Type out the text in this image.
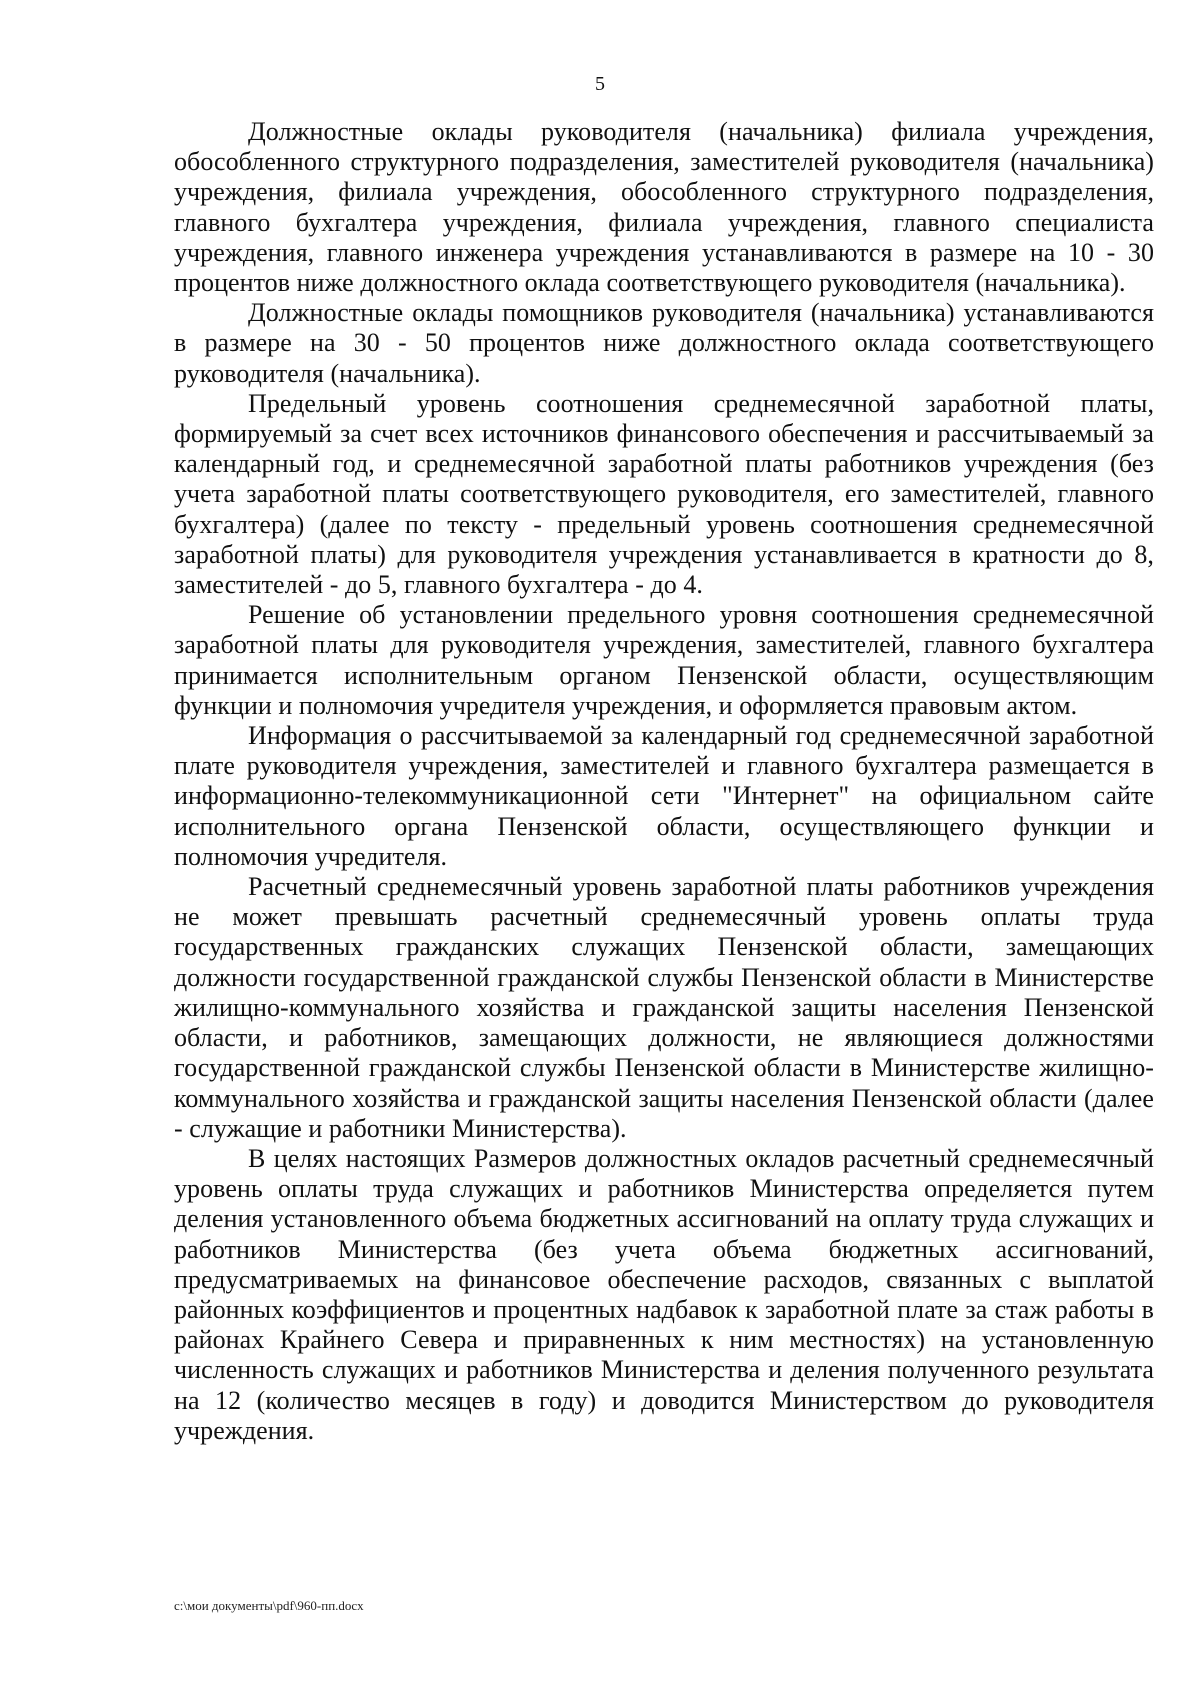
5

Должностные оклады руководителя (начальника) филиала учреждения, обособленного структурного подразделения, заместителей руководителя (начальника) учреждения, филиала учреждения, обособленного структурного подразделения, главного бухгалтера учреждения, филиала учреждения, главного специалиста учреждения, главного инженера учреждения устанавливаются в размере на 10 - 30 процентов ниже должностного оклада соответствующего руководителя (начальника).

Должностные оклады помощников руководителя (начальника) устанавливаются в размере на 30 - 50 процентов ниже должностного оклада соответствующего руководителя (начальника).

Предельный уровень соотношения среднемесячной заработной платы, формируемый за счет всех источников финансового обеспечения и рассчитываемый за календарный год, и среднемесячной заработной платы работников учреждения (без учета заработной платы соответствующего руководителя, его заместителей, главного бухгалтера) (далее по тексту - предельный уровень соотношения среднемесячной заработной платы) для руководителя учреждения устанавливается в кратности до 8, заместителей - до 5, главного бухгалтера - до 4.

Решение об установлении предельного уровня соотношения среднемесячной заработной платы для руководителя учреждения, заместителей, главного бухгалтера принимается исполнительным органом Пензенской области, осуществляющим функции и полномочия учредителя учреждения, и оформляется правовым актом.

Информация о рассчитываемой за календарный год среднемесячной заработной плате руководителя учреждения, заместителей и главного бухгалтера размещается в информационно-телекоммуникационной сети "Интернет" на официальном сайте исполнительного органа Пензенской области, осуществляющего функции и полномочия учредителя.

Расчетный среднемесячный уровень заработной платы работников учреждения не может превышать расчетный среднемесячный уровень оплаты труда государственных гражданских служащих Пензенской области, замещающих должности государственной гражданской службы Пензенской области в Министерстве жилищно-коммунального хозяйства и гражданской защиты населения Пензенской области, и работников, замещающих должности, не являющиеся должностями государственной гражданской службы Пензенской области в Министерстве жилищно-коммунального хозяйства и гражданской защиты населения Пензенской области (далее - служащие и работники Министерства).

В целях настоящих Размеров должностных окладов расчетный среднемесячный уровень оплаты труда служащих и работников Министерства определяется путем деления установленного объема бюджетных ассигнований на оплату труда служащих и работников Министерства (без учета объема бюджетных ассигнований, предусматриваемых на финансовое обеспечение расходов, связанных с выплатой районных коэффициентов и процентных надбавок к заработной плате за стаж работы в районах Крайнего Севера и приравненных к ним местностях) на установленную численность служащих и работников Министерства и деления полученного результата на 12 (количество месяцев в году) и доводится Министерством до руководителя учреждения.

c:\мои документы\pdf\960-пп.docx
